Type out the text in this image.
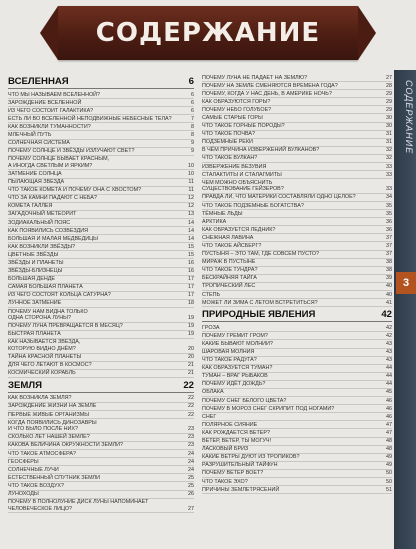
СОДЕРЖАНИЕ
СОДЕРЖАНИЕ
3
ВСЕЛЕННАЯ	6
ЧТО МЫ НАЗЫВАЕМ ВСЕЛЕННОЙ?	6
ЗАРОЖДЕНИЕ ВСЕЛЕННОЙ	6
ИЗ ЧЕГО СОСТОИТ ГАЛАКТИКА?	6
ЕСТЬ ЛИ ВО ВСЕЛЕННОЙ НЕПОДВИЖНЫЕ НЕБЕСНЫЕ ТЕЛА?	7
КАК ВОЗНИКЛИ ТУМАННОСТИ?	8
МЛЕЧНЫЙ ПУТЬ	8
СОЛНЕЧНАЯ СИСТЕМА	9
ПОЧЕМУ СОЛНЦЕ И ЗВЁЗДЫ ИЗЛУЧАЮТ СВЕТ?	9
ПОЧЕМУ СОЛНЦЕ БЫВАЕТ КРАСНЫМ,
А ИНОГДА СВЕТЛЫМ И ЯРКИМ?	10
ЗАТМЕНИЕ СОЛНЦА	10
ПЫЛАЮЩАЯ ЗВЕЗДА	11
ЧТО ТАКОЕ КОМЕТА И ПОЧЕМУ ОНА С ХВОСТОМ?	11
ЧТО ЗА КАМНИ ПАДАЮТ С НЕБА?	12
КОМЕТА ГАЛЛЕЯ	12
ЗАГАДОЧНЫЙ МЕТЕОРИТ	13
ЗОДИАКАЛЬНЫЙ ПОЯС	14
КАК ПОЯВИЛИСЬ СОЗВЕЗДИЯ	14
БОЛЬШАЯ И МАЛАЯ МЕДВЕДИЦЫ	14
КАК ВОЗНИКЛИ ЗВЁЗДЫ?	15
ЦВЕТНЫЕ ЗВЁЗДЫ	15
ЗВЁЗДЫ И ПЛАНЕТЫ	16
ЗВЁЗДЫ-БЛИЗНЕЦЫ	16
БОЛЬШАЯ ДЕНДЕ	17
САМАЯ БОЛЬШАЯ ПЛАНЕТА	17
ИЗ ЧЕГО СОСТОЯТ КОЛЬЦА САТУРНА?	17
ЛУННОЕ ЗАТМЕНИЕ	18
ПОЧЕМУ НАМ ВИДНА ТОЛЬКО
ОДНА СТОРОНА ЛУНЫ?	19
ПОЧЕМУ ЛУНА ПРЕВРАЩАЕТСЯ В МЕСЯЦ?	19
БЫСТРАЯ ПЛАНЕТА	19
КАК НАЗЫВАЕТСЯ ЗВЕЗДА,
КОТОРУЮ ВИДНО ДНЁМ?	20
ТАЙНА КРАСНОЙ ПЛАНЕТЫ	20
ДЛЯ ЧЕГО ЛЕТАЮТ В КОСМОС?	21
КОСМИЧЕСКИЙ КОРАБЛЬ	21
ЗЕМЛЯ	22
КАК ВОЗНИКЛА ЗЕМЛЯ?	22
ЗАРОЖДЕНИЕ ЖИЗНИ НА ЗЕМЛЕ	22
ПЕРВЫЕ ЖИВЫЕ ОРГАНИЗМЫ	22
КОГДА ПОЯВИЛИСЬ ДИНОЗАВРЫ
И ЧТО БЫЛО ПОСЛЕ НИХ?	23
СКОЛЬКО ЛЕТ НАШЕЙ ЗЕМЛЕ?	23
КАКОВА ВЕЛИЧИНА ОКРУЖНОСТИ ЗЕМЛИ?	23
ЧТО ТАКОЕ АТМОСФЕРА?	24
ГЕОСФЕРЫ	24
СОЛНЕЧНЫЕ ЛУЧИ	24
ЕСТЕСТВЕННЫЙ СПУТНИК ЗЕМЛИ	25
ЧТО ТАКОЕ ВОЗДУХ?	25
ЛУНОХОДЫ	26
ПОЧЕМУ В ПОЛНОЛУНИЕ ДИСК ЛУНЫ НАПОМИНАЕТ
ЧЕЛОВЕЧЕСКОЕ ЛИЦО?	27
ПОЧЕМУ ЛУНА НЕ ПАДАЕТ НА ЗЕМЛЮ?	27
ПОЧЕМУ НА ЗЕМЛЕ СМЕНЯЮТСЯ ВРЕМЕНА ГОДА?	28
ПОЧЕМУ, КОГДА У НАС ДЕНЬ, В АМЕРИКЕ НОЧЬ?	29
КАК ОБРАЗУЮТСЯ ГОРЫ?	29
ПОЧЕМУ НЕБО ГОЛУБОЕ?	29
САМЫЕ СТАРЫЕ ГОРЫ	30
ЧТО ТАКОЕ ГОРНЫЕ ПОРОДЫ?	30
ЧТО ТАКОЕ ПОЧВА?	31
ПОДЗЕМНЫЕ РЕКИ	31
В ЧЁМ ПРИЧИНА ИЗВЕРЖЕНИЙ ВУЛКАНОВ?	32
ЧТО ТАКОЕ ВУЛКАН?	32
ИЗВЕРЖЕНИЕ ВЕЗУВИЯ	33
СТАЛАКТИТЫ И СТАЛАГМИТЫ	33
ЧЕМ МОЖНО ОБЪЯСНИТЬ
СУЩЕСТВОВАНИЕ ГЕЙЗЕРОВ?	33
ПРАВДА ЛИ, ЧТО МАТЕРИКИ СОСТАВЛЯЛИ ОДНО ЦЕЛОЕ?	34
ЧТО ТАКОЕ ПОДЗЕМНЫЕ БОГАТСТВА?	35
ТЁМНЫЕ ЛЬДЫ	35
АРКТИКА	36
КАК ОБРАЗУЕТСЯ ЛЕДНИК?	36
СНЕЖНАЯ ЛАВИНА	37
ЧТО ТАКОЕ АЙСБЕРГ?	37
ПУСТЫНЯ – ЭТО ТАМ, ГДЕ СОВСЕМ ПУСТО?	37
МИРАЖ В ПУСТЫНЕ	38
ЧТО ТАКОЕ ТУНДРА?	38
БЕСКРАЙНЯЯ ТАЙГА	39
ТРОПИЧЕСКИЙ ЛЕС	40
СТЕПЬ	40
МОЖЕТ ЛИ ЗИМА С ЛЕТОМ ВСТРЕТИТЬСЯ?	41
ПРИРОДНЫЕ ЯВЛЕНИЯ	42
ГРОЗА	42
ПОЧЕМУ ГРЕМИТ ГРОМ?	42
КАКИЕ БЫВАЮТ МОЛНИИ?	43
ШАРОВАЯ МОЛНИЯ	43
ЧТО ТАКОЕ РАДУГА?	43
КАК ОБРАЗУЕТСЯ ТУМАН?	44
ТУМАН – ВРАГ РЫБАКОВ	44
ПОЧЕМУ ИДЁТ ДОЖДЬ?	44
ОБЛАКА	45
ПОЧЕМУ СНЕГ БЕЛОГО ЦВЕТА?	46
ПОЧЕМУ В МОРОЗ СНЕГ СКРИПИТ ПОД НОГАМИ?	46
СНЕГ	46
ПОЛЯРНОЕ СИЯНИЕ	47
КАК РОЖДАЕТСЯ ВЕТЕР?	47
ВЕТЕР, ВЕТЕР, ТЫ МОГУЧ!	48
ЛАСКОВЫЙ БРИЗ	48
КАКИЕ ВЕТРЫ ДУЮТ ИЗ ТРОПИКОВ?	49
РАЗРУШИТЕЛЬНЫЙ ТАЙФУН	49
ПОЧЕМУ ВЕТЕР ВОЕТ?	50
ЧТО ТАКОЕ ЭХО?	50
ПРИЧИНЫ ЗЕМЛЕТРЯСЕНИЙ	51
